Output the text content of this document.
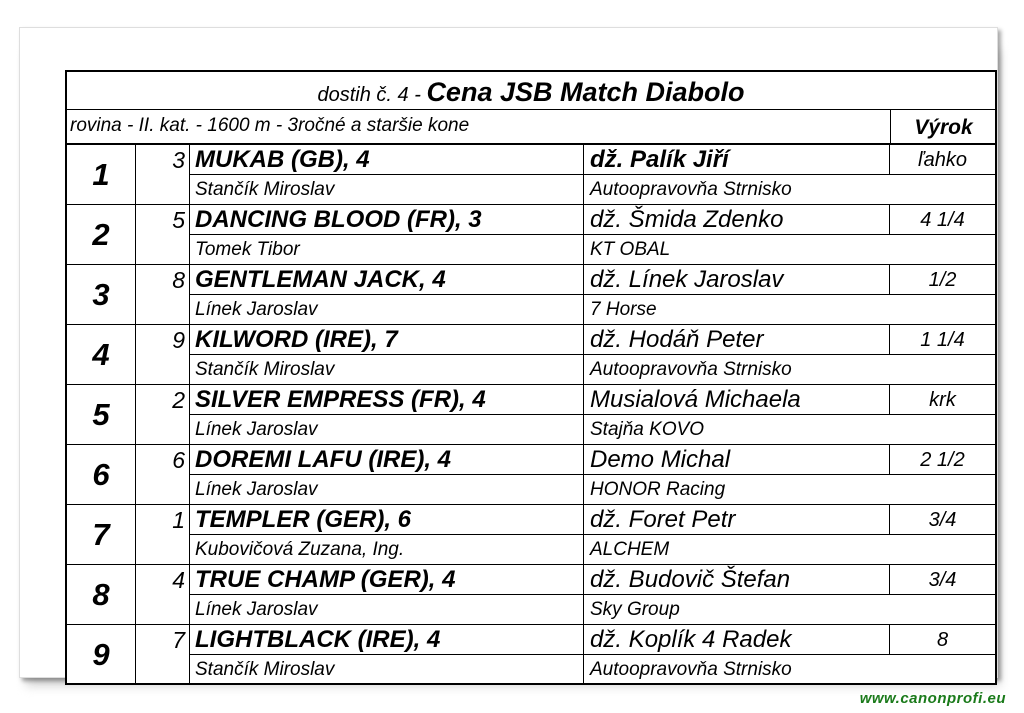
dostih č. 4 - Cena JSB Match Diabolo
rovina - II. kat. - 1600 m - 3ročné a staršie kone	Výrok
1	3 MUKAB (GB), 4	dž. Palík Jiří	ľahko
Stančík Miroslav	Autoopravovňa Strnisko
2	5 DANCING BLOOD (FR), 3	dž. Šmida Zdenko	4 1/4
Tomek Tibor	KT OBAL
3	8 GENTLEMAN JACK, 4	dž. Línek Jaroslav	1/2
Línek Jaroslav	7 Horse
4	9 KILWORD (IRE), 7	dž. Hodáň Peter	1 1/4
Stančík Miroslav	Autoopravovňa Strnisko
5	2 SILVER EMPRESS (FR), 4	Musialová Michaela	krk
Línek Jaroslav	Stajňa KOVO
6	6 DOREMI LAFU (IRE), 4	Demo Michal	2 1/2
Línek Jaroslav	HONOR Racing
7	1 TEMPLER (GER), 6	dž. Foret Petr	3/4
Kubovičová Zuzana, Ing.	ALCHEM
8	4 TRUE CHAMP (GER), 4	dž. Budovič Štefan	3/4
Línek Jaroslav	Sky Group
9	7 LIGHTBLACK (IRE), 4	dž. Koplík 4 Radek	8
Stančík Miroslav	Autoopravovňa Strnisko
www.canonprofi.eu
